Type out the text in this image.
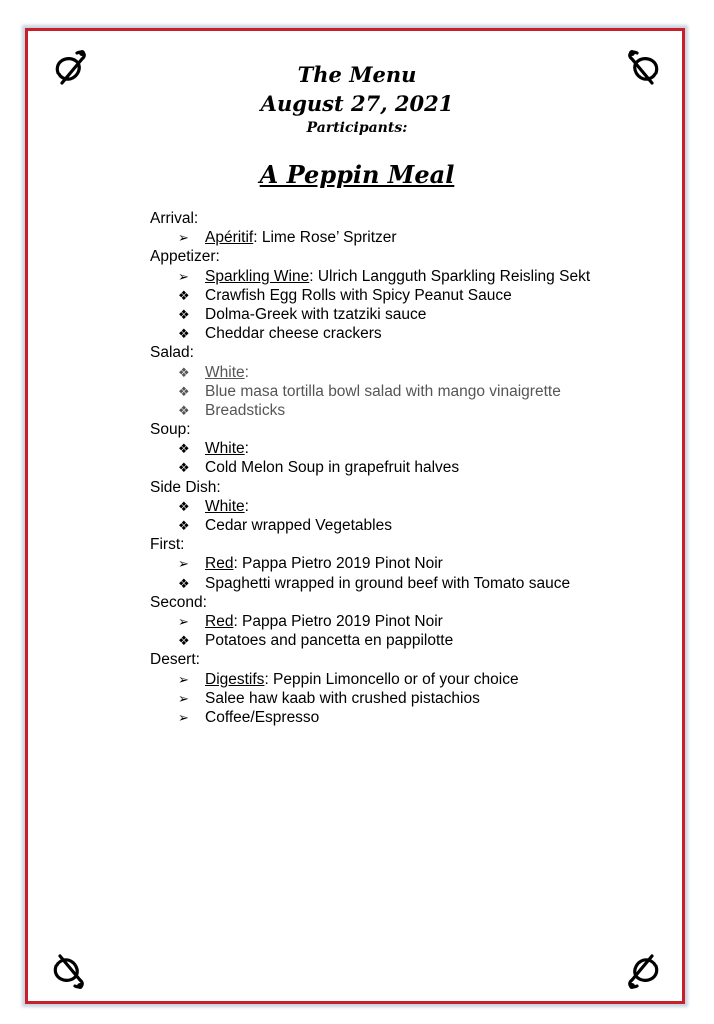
The Menu
August 27, 2021
Participants:
A Peppin Meal
Arrival:
➢ Apéritif: Lime Rose’ Spritzer
Appetizer:
➢ Sparkling Wine: Ulrich Langguth Sparkling Reisling Sekt
❖ Crawfish Egg Rolls with Spicy Peanut Sauce
❖ Dolma-Greek with tzatziki sauce
❖ Cheddar cheese crackers
Salad:
❖ White:
❖ Blue masa tortilla bowl salad with mango vinaigrette
❖ Breadsticks
Soup:
❖ White:
❖ Cold Melon Soup in grapefruit halves
Side Dish:
❖ White:
❖ Cedar wrapped Vegetables
First:
➢ Red: Pappa Pietro 2019 Pinot Noir
❖ Spaghetti wrapped in ground beef with Tomato sauce
Second:
➢ Red: Pappa Pietro 2019 Pinot Noir
❖ Potatoes and pancetta en pappilotte
Desert:
➢ Digestifs: Peppin Limoncello or of your choice
➢ Salee haw kaab with crushed pistachios
➢ Coffee/Espresso
